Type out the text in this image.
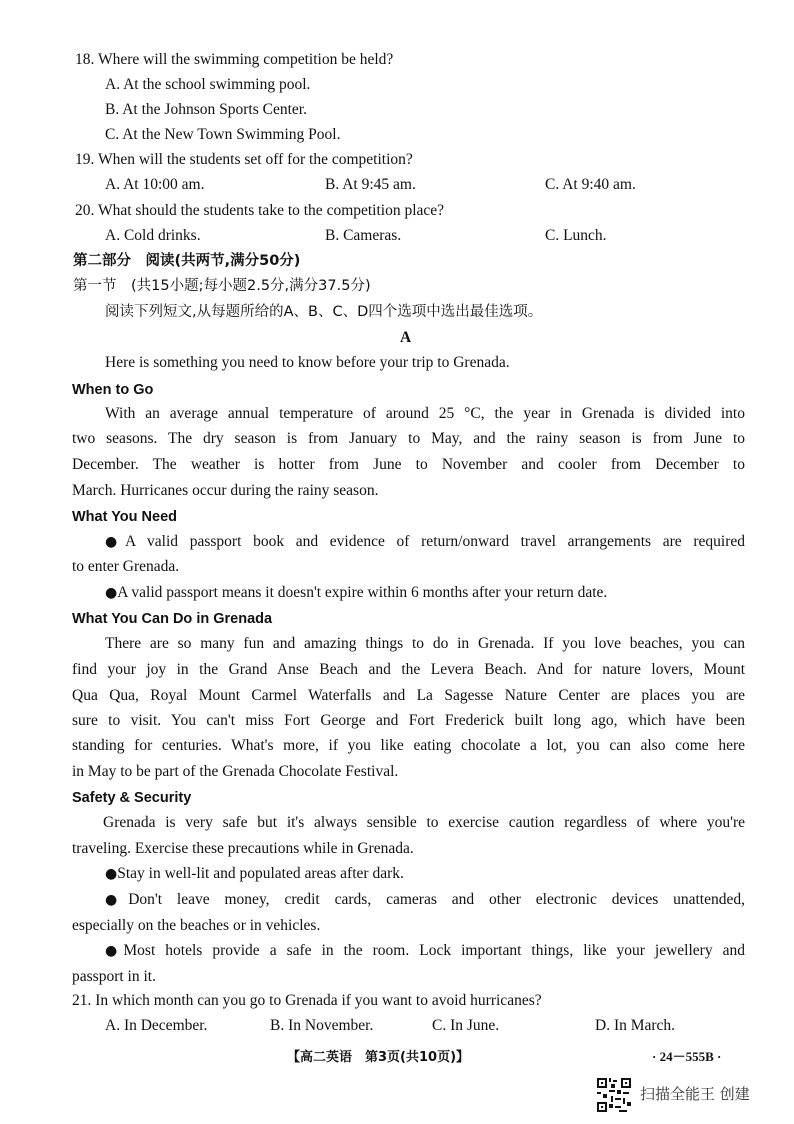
18. Where will the swimming competition be held?
A. At the school swimming pool.
B. At the Johnson Sports Center.
C. At the New Town Swimming Pool.
19. When will the students set off for the competition?
A. At 10:00 am.	B. At 9:45 am.	C. At 9:40 am.
20. What should the students take to the competition place?
A. Cold drinks.	B. Cameras.	C. Lunch.
第二部分　阅读(共两节,满分50分)
第一节　(共15小题;每小题2.5分,满分37.5分)
阅读下列短文,从每题所给的A、B、C、D四个选项中选出最佳选项。
A
Here is something you need to know before your trip to Grenada.
When to Go
With an average annual temperature of around 25 °C, the year in Grenada is divided into
two seasons. The dry season is from January to May, and the rainy season is from June to
December. The weather is hotter from June to November and cooler from December to
March. Hurricanes occur during the rainy season.
What You Need
●A valid passport book and evidence of return/onward travel arrangements are required
to enter Grenada.
●A valid passport means it doesn't expire within 6 months after your return date.
What You Can Do in Grenada
There are so many fun and amazing things to do in Grenada. If you love beaches, you can
find your joy in the Grand Anse Beach and the Levera Beach. And for nature lovers, Mount
Qua Qua, Royal Mount Carmel Waterfalls and La Sagesse Nature Center are places you are
sure to visit. You can't miss Fort George and Fort Frederick built long ago, which have been
standing for centuries. What's more, if you like eating chocolate a lot, you can also come here
in May to be part of the Grenada Chocolate Festival.
Safety & Security
Grenada is very safe but it's always sensible to exercise caution regardless of where you're
traveling. Exercise these precautions while in Grenada.
●Stay in well-lit and populated areas after dark.
●Don't leave money, credit cards, cameras and other electronic devices unattended,
especially on the beaches or in vehicles.
●Most hotels provide a safe in the room. Lock important things, like your jewellery and
passport in it.
21. In which month can you go to Grenada if you want to avoid hurricanes?
A. In December.	B. In November.	C. In June.	D. In March.
【高二英语　第3页(共10页)】	· 24－555B ·
扫描全能王 创建
